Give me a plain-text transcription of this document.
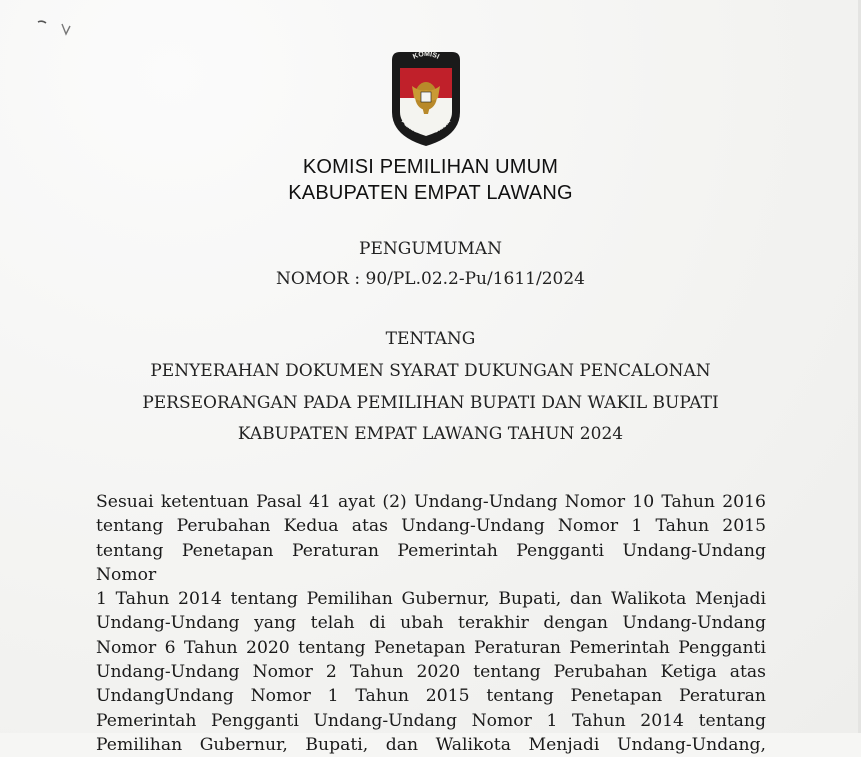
KOMISI
PEMILIHAN UMUM
KOMISI PEMILIHAN UMUM
KABUPATEN EMPAT LAWANG
PENGUMUMAN
NOMOR : 90/PL.02.2-Pu/1611/2024
TENTANG
PENYERAHAN DOKUMEN SYARAT DUKUNGAN PENCALONAN
PERSEORANGAN PADA PEMILIHAN BUPATI DAN WAKIL BUPATI
KABUPATEN EMPAT LAWANG TAHUN 2024

Sesuai ketentuan Pasal 41 ayat (2) Undang-Undang Nomor 10 Tahun 2016

tentang Perubahan Kedua atas Undang-Undang Nomor 1 Tahun 2015

tentang Penetapan Peraturan Pemerintah Pengganti Undang-Undang Nomor

1 Tahun 2014 tentang Pemilihan Gubernur, Bupati, dan Walikota Menjadi

Undang-Undang yang telah di ubah terakhir dengan Undang-Undang

Nomor 6 Tahun 2020 tentang Penetapan Peraturan Pemerintah Pengganti

Undang-Undang Nomor 2 Tahun 2020 tentang Perubahan Ketiga atas

UndangUndang Nomor 1 Tahun 2015 tentang Penetapan Peraturan

Pemerintah Pengganti Undang-Undang Nomor 1 Tahun 2014 tentang

Pemilihan Gubernur, Bupati, dan Walikota Menjadi Undang-Undang,
